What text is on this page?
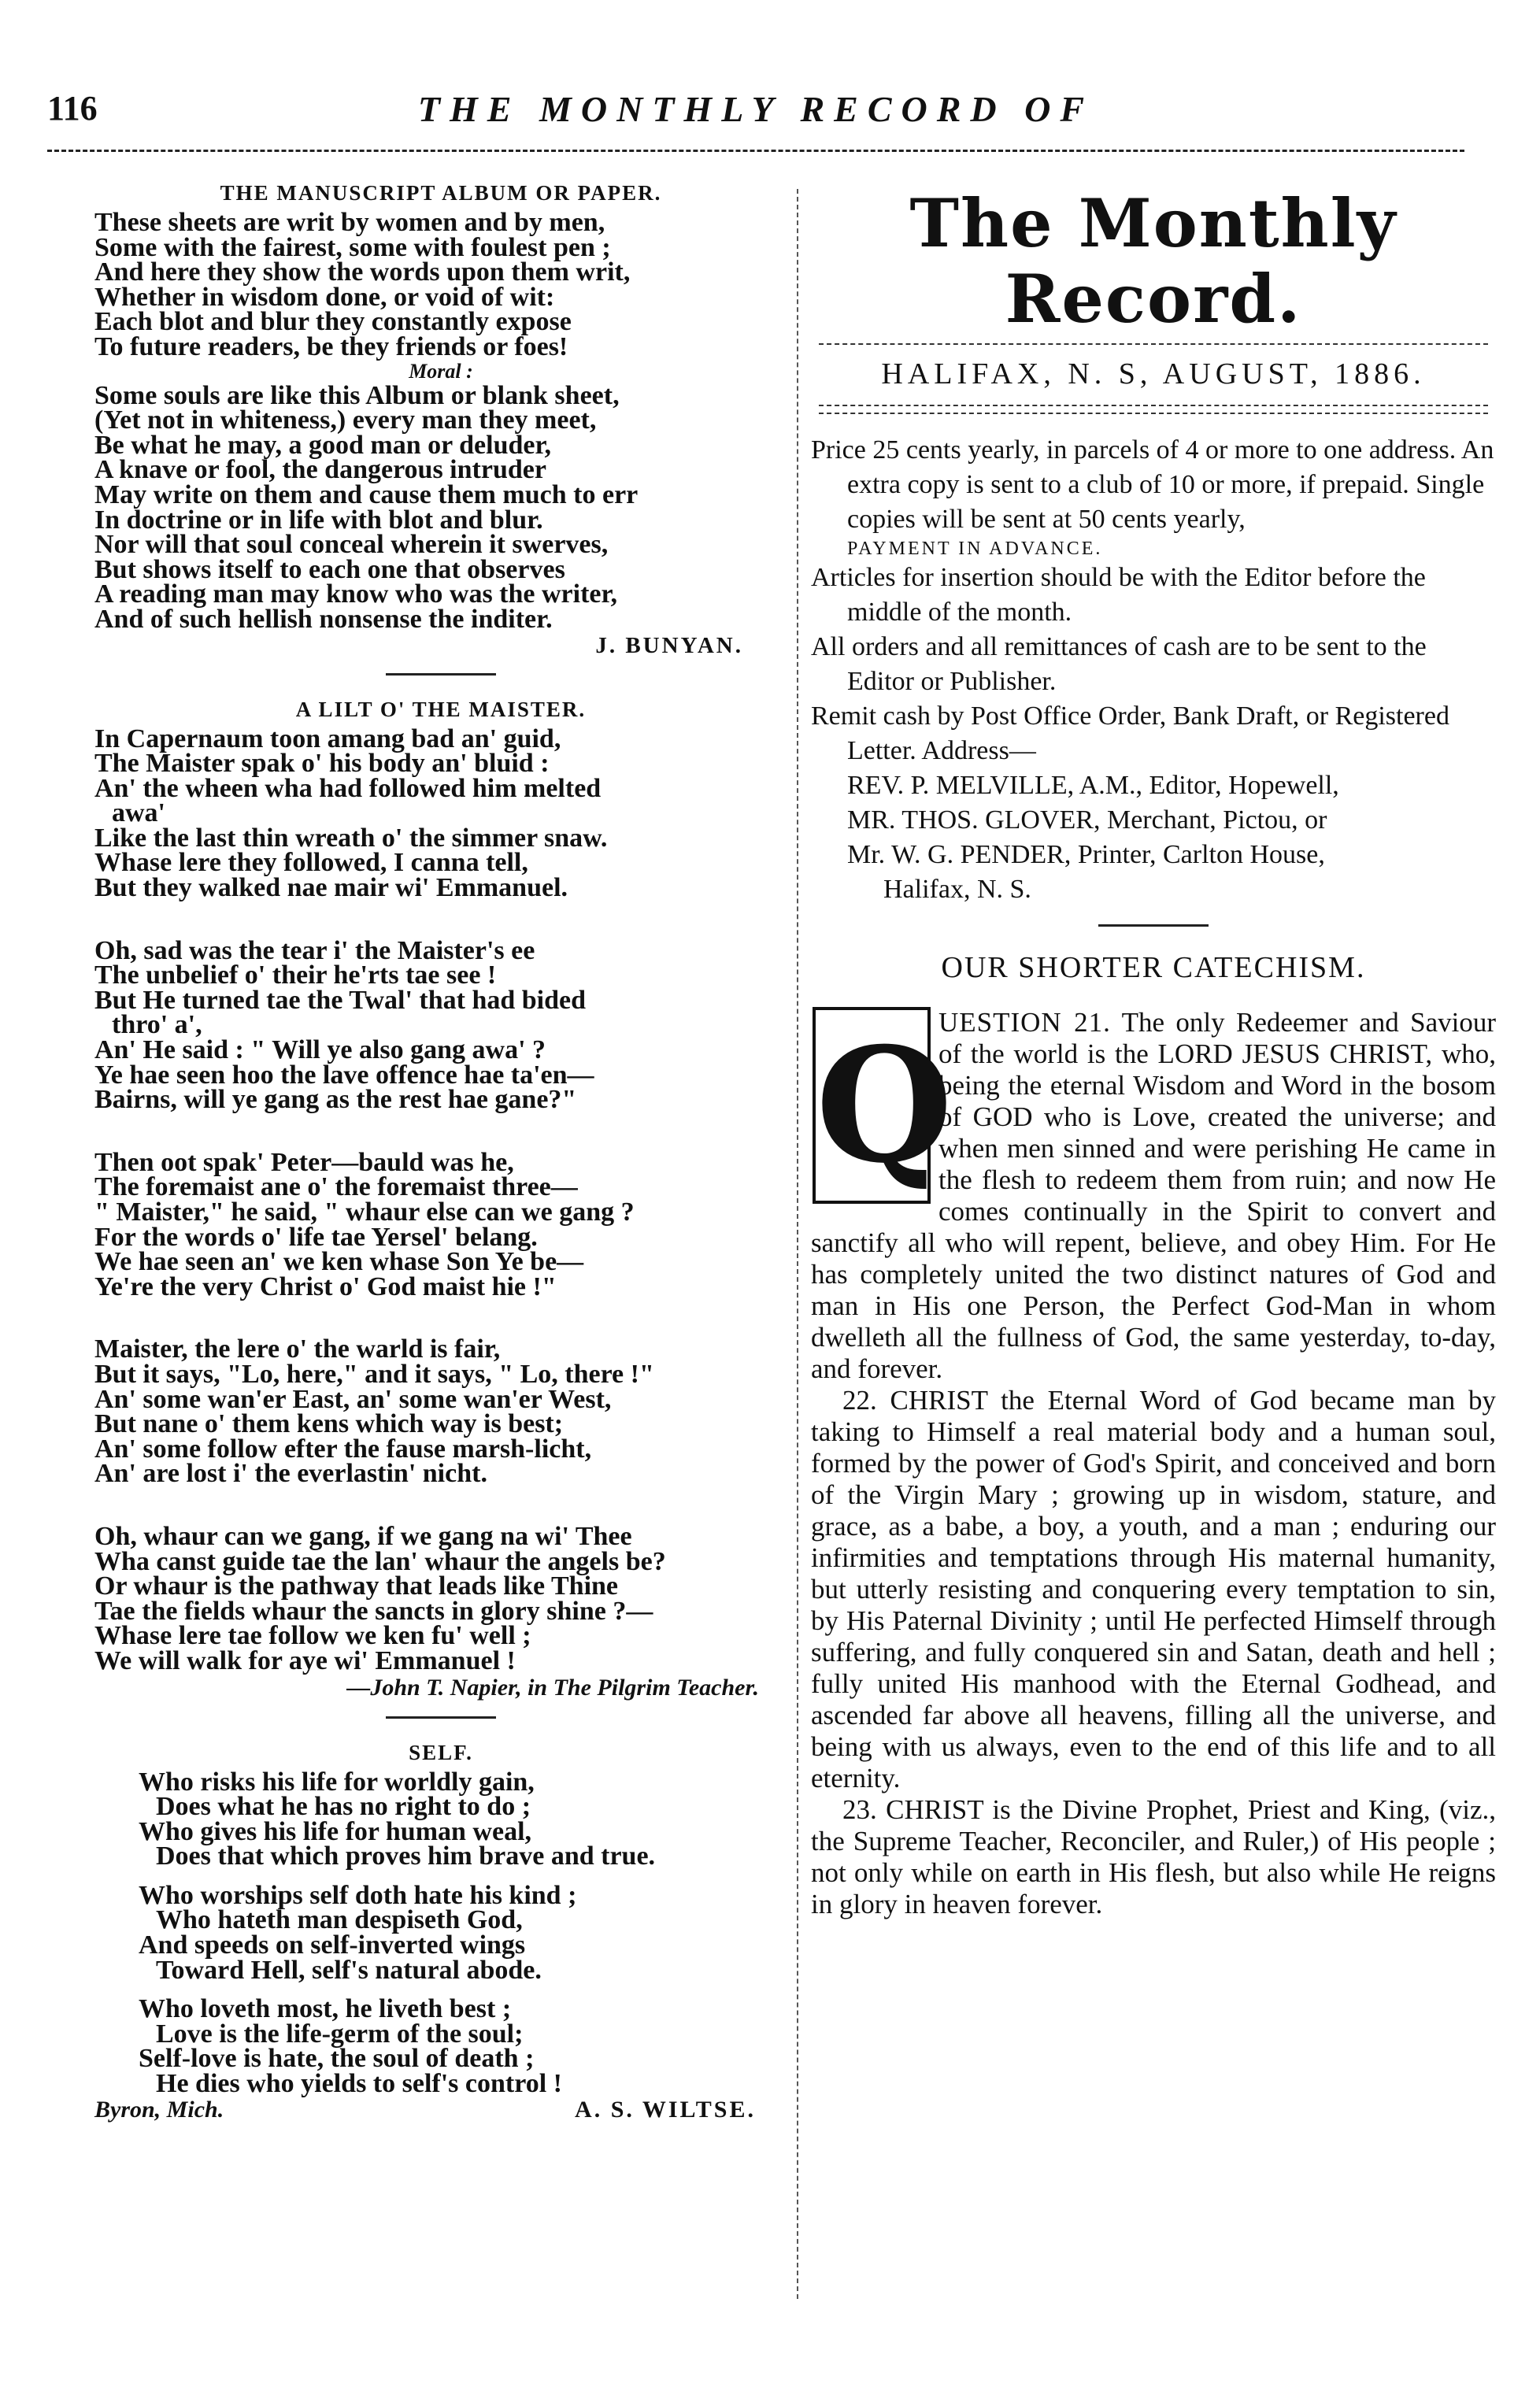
116	THE MONTHLY RECORD OF
THE MANUSCRIPT ALBUM OR PAPER.
These sheets are writ by women and by men,
Some with the fairest, some with foulest pen ;
And here they show the words upon them writ,
Whether in wisdom done, or void of wit:
Each blot and blur they constantly expose
To future readers, be they friends or foes!
Moral :
Some souls are like this Album or blank sheet,
(Yet not in whiteness,) every man they meet,
Be what he may, a good man or deluder,
A knave or fool, the dangerous intruder
May write on them and cause them much to err
In doctrine or in life with blot and blur.
Nor will that soul conceal wherein it swerves,
But shows itself to each one that observes
A reading man may know who was the writer,
And of such hellish nonsense the inditer.
J. BUNYAN.
A LILT O' THE MAISTER.
In Capernaum toon amang bad an' guid,
The Maister spak o' his body an' bluid :
An' the wheen wha had followed him melted
awa'
Like the last thin wreath o' the simmer snaw.
Whase lere they followed, I canna tell,
But they walked nae mair wi' Emmanuel.
Oh, sad was the tear i' the Maister's ee
The unbelief o' their he'rts tae see !
But He turned tae the Twal' that had bided
thro' a',
An' He said : " Will ye also gang awa' ?
Ye hae seen hoo the lave offence hae ta'en—
Bairns, will ye gang as the rest hae gane?"
Then oot spak' Peter—bauld was he,
The foremaist ane o' the foremaist three—
" Maister," he said, " whaur else can we gang ?
For the words o' life tae Yersel' belang.
We hae seen an' we ken whase Son Ye be—
Ye're the very Christ o' God maist hie !"
Maister, the lere o' the warld is fair,
But it says, "Lo, here," and it says, " Lo, there !"
An' some wan'er East, an' some wan'er West,
But nane o' them kens which way is best;
An' some follow efter the fause marsh-licht,
An' are lost i' the everlastin' nicht.
Oh, whaur can we gang, if we gang na wi' Thee
Wha canst guide tae the lan' whaur the angels be?
Or whaur is the pathway that leads like Thine
Tae the fields whaur the sancts in glory shine ?—
Whase lere tae follow we ken fu' well ;
We will walk for aye wi' Emmanuel !
—John T. Napier, in The Pilgrim Teacher.
SELF.
Who risks his life for worldly gain,
Does what he has no right to do ;
Who gives his life for human weal,
Does that which proves him brave and true.
Who worships self doth hate his kind ;
Who hateth man despiseth God,
And speeds on self-inverted wings
Toward Hell, self's natural abode.
Who loveth most, he liveth best ;
Love is the life-germ of the soul;
Self-love is hate, the soul of death ;
He dies who yields to self's control !
Byron, Mich.	A. S. WILTSE.
The Monthly Record.
HALIFAX, N. S, AUGUST, 1886.
Price 25 cents yearly, in parcels of 4 or more to one address. An extra copy is sent to a club of 10 or more, if prepaid. Single copies will be sent at 50 cents yearly,
PAYMENT IN ADVANCE.
Articles for insertion should be with the Editor before the middle of the month.
All orders and all remittances of cash are to be sent to the Editor or Publisher.
Remit cash by Post Office Order, Bank Draft, or Registered Letter. Address—
REV. P. MELVILLE, A.M., Editor, Hopewell,
MR. THOS. GLOVER, Merchant, Pictou, or
Mr. W. G. PENDER, Printer, Carlton House,
Halifax, N. S.
OUR SHORTER CATECHISM.
Q

UESTION 21. The only Redeemer and Saviour of the world is the LORD JESUS CHRIST, who, being the eternal Wisdom and Word in the bosom of GOD who is Love, created the universe; and when men sinned and were perishing He came in the flesh to redeem them from ruin; and now He comes continually in the Spirit to convert and sanctify all who will repent, believe, and obey Him. For He has completely united the two distinct natures of God and man in His one Person, the Perfect God-Man in whom dwelleth all the fullness of God, the same yesterday, to-day, and forever.

22. CHRIST the Eternal Word of God became man by taking to Himself a real material body and a human soul, formed by the power of God's Spirit, and conceived and born of the Virgin Mary ; growing up in wisdom, stature, and grace, as a babe, a boy, a youth, and a man ; enduring our infirmities and temptations through His maternal humanity, but utterly resisting and conquering every temptation to sin, by His Paternal Divinity ; until He perfected Himself through suffering, and fully conquered sin and Satan, death and hell ; fully united His manhood with the Eternal Godhead, and ascended far above all heavens, filling all the universe, and being with us always, even to the end of this life and to all eternity.

23. CHRIST is the Divine Prophet, Priest and King, (viz., the Supreme Teacher, Reconciler, and Ruler,) of His people ; not only while on earth in His flesh, but also while He reigns in glory in heaven forever.
